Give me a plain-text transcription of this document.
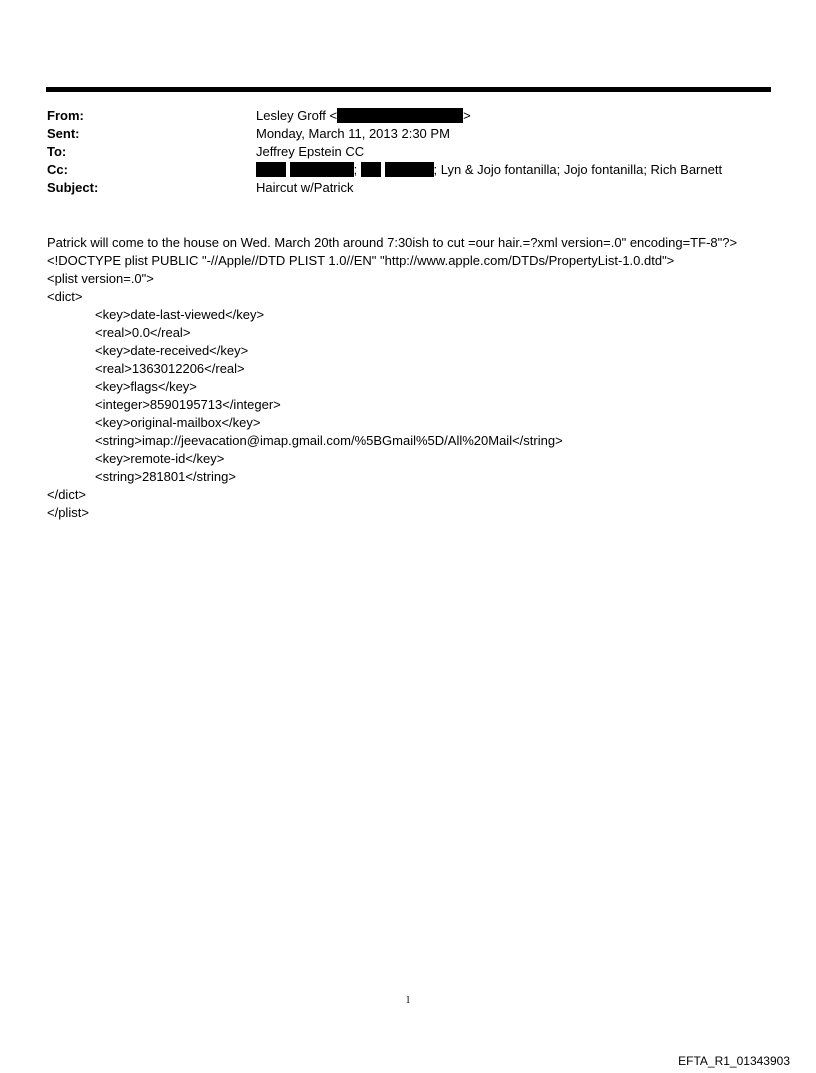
From:	Lesley Groff <	>
Sent:	Monday, March 11, 2013 2:30 PM
To:	Jeffrey Epstein CC
Cc:	;	; Lyn & Jojo fontanilla; Jojo fontanilla; Rich Barnett
Subject:	Haircut w/Patrick
Patrick will come to the house on Wed. March 20th around 7:30ish to cut =our hair.=?xml version=.0" encoding=TF-8"?>
<!DOCTYPE plist PUBLIC "-//Apple//DTD PLIST 1.0//EN" "http://www.apple.com/DTDs/PropertyList-1.0.dtd">
<plist version=.0">
<dict>
<key>date-last-viewed</key>
<real>0.0</real>
<key>date-received</key>
<real>1363012206</real>
<key>flags</key>
<integer>8590195713</integer>
<key>original-mailbox</key>
<string>imap://jeevacation@imap.gmail.com/%5BGmail%5D/All%20Mail</string>
<key>remote-id</key>
<string>281801</string>
</dict>
</plist>
1
EFTA_R1_01343903
